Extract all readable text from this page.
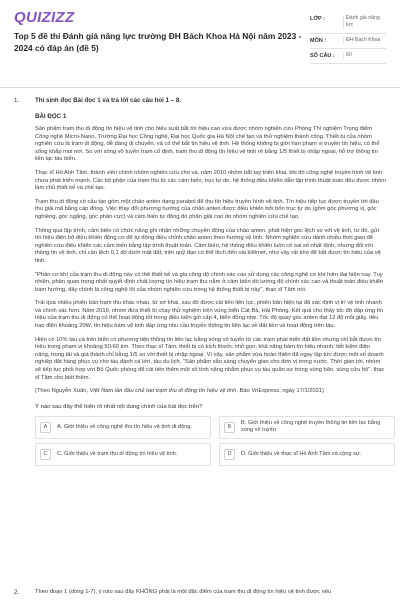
QUIZIZZ
Top 5 đề thi Đánh giá năng lực trường ĐH Bách Khoa Hà Nội năm 2023 - 2024 có đáp án (đề 5)
LỚP :	Đánh giá năng lực
MÔN :	ĐH Bách Khoa
SỐ CÂU :	60
1.	Thí sinh đọc Bài đọc 1 và trả lời các câu hỏi 1 – 8.
BÀI ĐỌC 1
Sản phẩm trạm thu di động tín hiệu vệ tinh cho hiệu suất bắt tín hiệu cao vừa được nhóm nghiên cứu Phòng Thí nghiệm Trọng điểm Công nghệ Micro-Nano, Trường Đại học Công nghệ, Đại học Quốc gia Hà Nội chế tạo và thử nghiệm thành công. Thiết bị của nhóm nghiên cứu là trạm di động, dễ dàng di chuyển, và có thể bắt tín hiệu vệ tinh. Hệ thống không bị giới hạn phạm vi truyền tín hiệu, có thể sống khắp mọi nơi. So với sóng vô tuyến trạm cố định, trạm thu di động tín hiệu vệ tinh rẻ bằng 1/5 thiết bị nhập ngoại, hỗ trợ thông tin liên lạc tàu biển.
Thạc sĩ Hồ Anh Tâm, thành viên chính nhóm nghiên cứu cho và, năm 2010 nhóm bắt tay triển khai, khi đó công nghệ truyền hình vệ tinh chưa phát triển mạnh. Các bộ phận của trạm thu từ các cảm biến, trục tự do, hệ thống điều khiển dẫn lập trình thuật toán đều được nhóm làm chủ thiết kế và chế tạo.
Trạm thu di động có cấu tạo gồm một chảo anten dạng parabol để thu tín hiệu truyền hình vệ tinh. Tín hiệu tiếp tục được truyền tới đầu thu giải mã bằng cáp đồng. Việc thay đổi phương hướng của chảo anten được điều khiển bởi bốn trục tự do (gồm góc phương vị, góc nghiêng, góc ngẩng, góc phân cực) và cảm biến tự động dò phân giải cao do nhóm nghiên cứu chế tạo.
Thông qua lập trình, cảm biến có chức năng ghi nhận những chuyển động của chảo anten, phát hiện góc lệch so với vệ tinh, từ đó, gửi tín hiệu điện bộ điều khiển động cơ để tự động điều chỉnh chảo anten theo hướng vệ tinh. Nhóm nghiên cứu dành nhiều thời gian để nghiên cứu điều khiển các cảm biến bằng lập trình thuật toán. Cảm biến, hệ thống điều khiển luôn có sai số nhất định, nhưng đối với thông tin vệ tinh, chỉ cần lệch 0,1 độ dưới mặt đất, trên quỹ đạo có thể lệch đến vài kilômét, như vậy rất khó để bắt được tín hiệu của vệ tinh.
"Phần cơ khí của trạm thu di động này có thể thiết kế và gia công độ chính xác cao sử dụng các công nghệ cơ khí hiện đại hiện nay. Tuy nhiên, phần quan trọng nhất quyết định chất lượng tín hiệu trạm thu nằm ở cảm biến dò lường độ chính xác cao và thuật toán điều khiển bám hướng, đây chính là công nghệ lõi của nhóm nghiên cứu trong hệ thống thiết bị này", thạc sĩ Tâm nói.
Trải qua nhiều phiên bản trạm thu khác nhau, từ sơ khai, sau đó được cải tiến liên tục, phiên bản hiện tại đã xác định vị trí vệ tinh nhanh và chính xác hơn. Năm 2019, nhóm đưa thiết bị chạy thử nghiệm trên vùng biển Cát Bà, Hải Phòng. Kết quả cho thấy tốc độ dập ứng tín hiệu của trạm thu di động có thể hoạt động tốt trong điều kiện gió cấp 4, biển động nhẹ. Tốc độ quay góc anten đạt 12 độ mỗi giây, tiêu hao điện khoảng 20W, tín hiệu bám vệ tinh đáp ứng nhu cầu truyền thông tin liên lạc về đất liền và hoạt động trên tàu.
Hiện có 10% tàu cá trên biển có phương tiện thông tin liên lạc bằng sóng vô tuyến từ các trạm phát triển đất liền nhưng chỉ bắt được tín hiệu trong phạm vi khoảng 50-60 km. Theo thạc sĩ Tâm, thiết bị có kích thước nhỏ gọn, khả năng bám tín hiệu nhanh, tiết kiệm điện năng, trọng tải và giá thành chỉ bằng 1/5 so với thiết bị nhập ngoại. Vì vậy, sản phẩm vừa hoàn thiện đã ngay lập tức được một số doanh nghiệp đặt hàng phục vụ cho tàu đánh cá lớn, tàu du lịch. "Sản phẩm sẵn sàng chuyển giao cho đơn vị trong nước. Thời gian tới, nhóm sẽ tiếp tục phối hợp với Bộ Quốc phòng để cải tiến thêm một số tính năng nhằm phục vụ tàu quân sự trong vùng bão, vùng cửu hộ", thạc sĩ Tâm cho biết thêm.
(Theo Nguyễn Xuân, Việt Nam lần đầu chế tạo trạm thu di động tín hiệu vệ tinh, Báo VnExpress, ngày 17/1/2021)
Ý nào sau đây thể hiện rõ nhất nội dung chính của bài đọc trên?
A	A. Giới thiệu về công nghệ thu tín hiệu vệ tinh di động.	B
B. Giới thiệu về công nghệ truyền thông tin liên lạc bằng sóng vô tuyến.
C	C. Giới thiệu về trạm thu di động tín hiệu vệ tinh.	D	D. Giới thiệu về thạc sĩ Hồ Anh Tâm và cộng sự.
2.	Theo đoạn 1 (dòng 1-7), ý nào sau đây KHÔNG phải là một đặc điểm của trạm thu di động tín hiệu vệ tinh được nêu
